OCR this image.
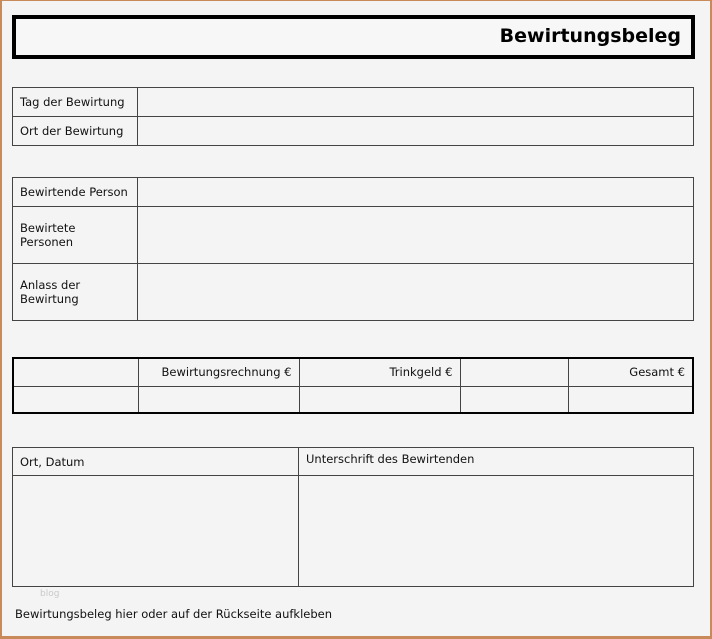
Bewirtungsbeleg
Tag der Bewirtung	
Ort der Bewirtung	
Bewirtende Person	
Bewirtete Personen	
Anlass der Bewirtung	
	Bewirtungsrechnung €	Trinkgeld €		Gesamt €

Ort, Datum	Unterschrift des Bewirtenden

blog
Bewirtungsbeleg hier oder auf der Rückseite aufkleben
